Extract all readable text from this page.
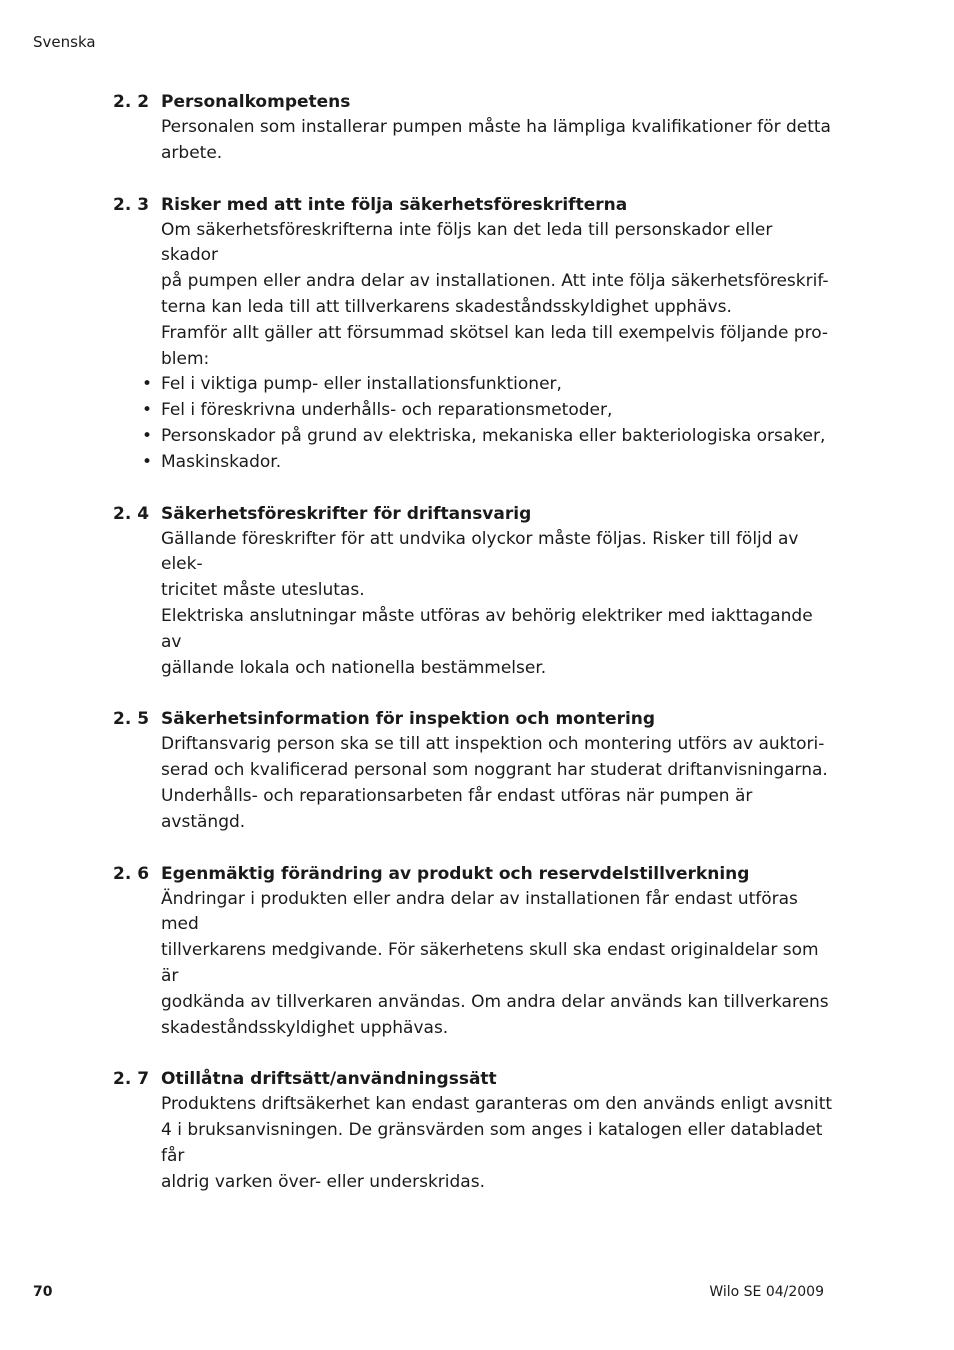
Svenska
2. 2 Personalkompetens
Personalen som installerar pumpen måste ha lämpliga kvalifikationer för detta
arbete.
2. 3 Risker med att inte följa säkerhetsföreskrifterna
Om säkerhetsföreskrifterna inte följs kan det leda till personskador eller skador
på pumpen eller andra delar av installationen. Att inte följa säkerhetsföreskrif-
terna kan leda till att tillverkarens skadeståndsskyldighet upphävs.
Framför allt gäller att försummad skötsel kan leda till exempelvis följande pro-
blem:
• Fel i viktiga pump- eller installationsfunktioner,
• Fel i föreskrivna underhålls- och reparationsmetoder,
• Personskador på grund av elektriska, mekaniska eller bakteriologiska orsaker,
• Maskinskador.
2. 4 Säkerhetsföreskrifter för driftansvarig
Gällande föreskrifter för att undvika olyckor måste följas. Risker till följd av elek-
tricitet måste uteslutas.
Elektriska anslutningar måste utföras av behörig elektriker med iakttagande av
gällande lokala och nationella bestämmelser.
2. 5 Säkerhetsinformation för inspektion och montering
Driftansvarig person ska se till att inspektion och montering utförs av auktori-
serad och kvalificerad personal som noggrant har studerat driftanvisningarna.
Underhålls- och reparationsarbeten får endast utföras när pumpen är avstängd.
2. 6 Egenmäktig förändring av produkt och reservdelstillverkning
Ändringar i produkten eller andra delar av installationen får endast utföras med
tillverkarens medgivande. För säkerhetens skull ska endast originaldelar som är
godkända av tillverkaren användas. Om andra delar används kan tillverkarens
skadeståndsskyldighet upphävas.
2. 7 Otillåtna driftsätt/användningssätt
Produktens driftsäkerhet kan endast garanteras om den används enligt avsnitt
4 i bruksanvisningen. De gränsvärden som anges i katalogen eller databladet får
aldrig varken över- eller underskridas.
70	Wilo SE 04/2009
